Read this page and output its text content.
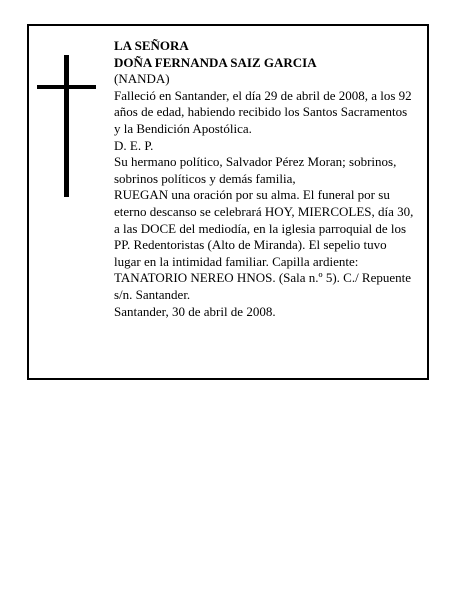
LA SEÑORA

DOÑA FERNANDA SAIZ GARCIA

(NANDA)

Falleció en Santander, el día 29 de abril de 2008, a los 92 años de edad, habiendo recibido los Santos Sacramentos y la Bendición Apostólica.

D. E. P.

Su hermano político, Salvador Pérez Moran; sobrinos, sobrinos políticos y demás familia,

RUEGAN una oración por su alma. El funeral por su eterno descanso se celebrará HOY, MIERCOLES, día 30, a las DOCE del mediodía, en la iglesia parroquial de los PP. Redentoristas (Alto de Miranda). El sepelio tuvo lugar en la intimidad familiar. Capilla ardiente: TANATORIO NEREO HNOS. (Sala n.º 5). C./ Repuente s/n. Santander.

Santander, 30 de abril de 2008.
